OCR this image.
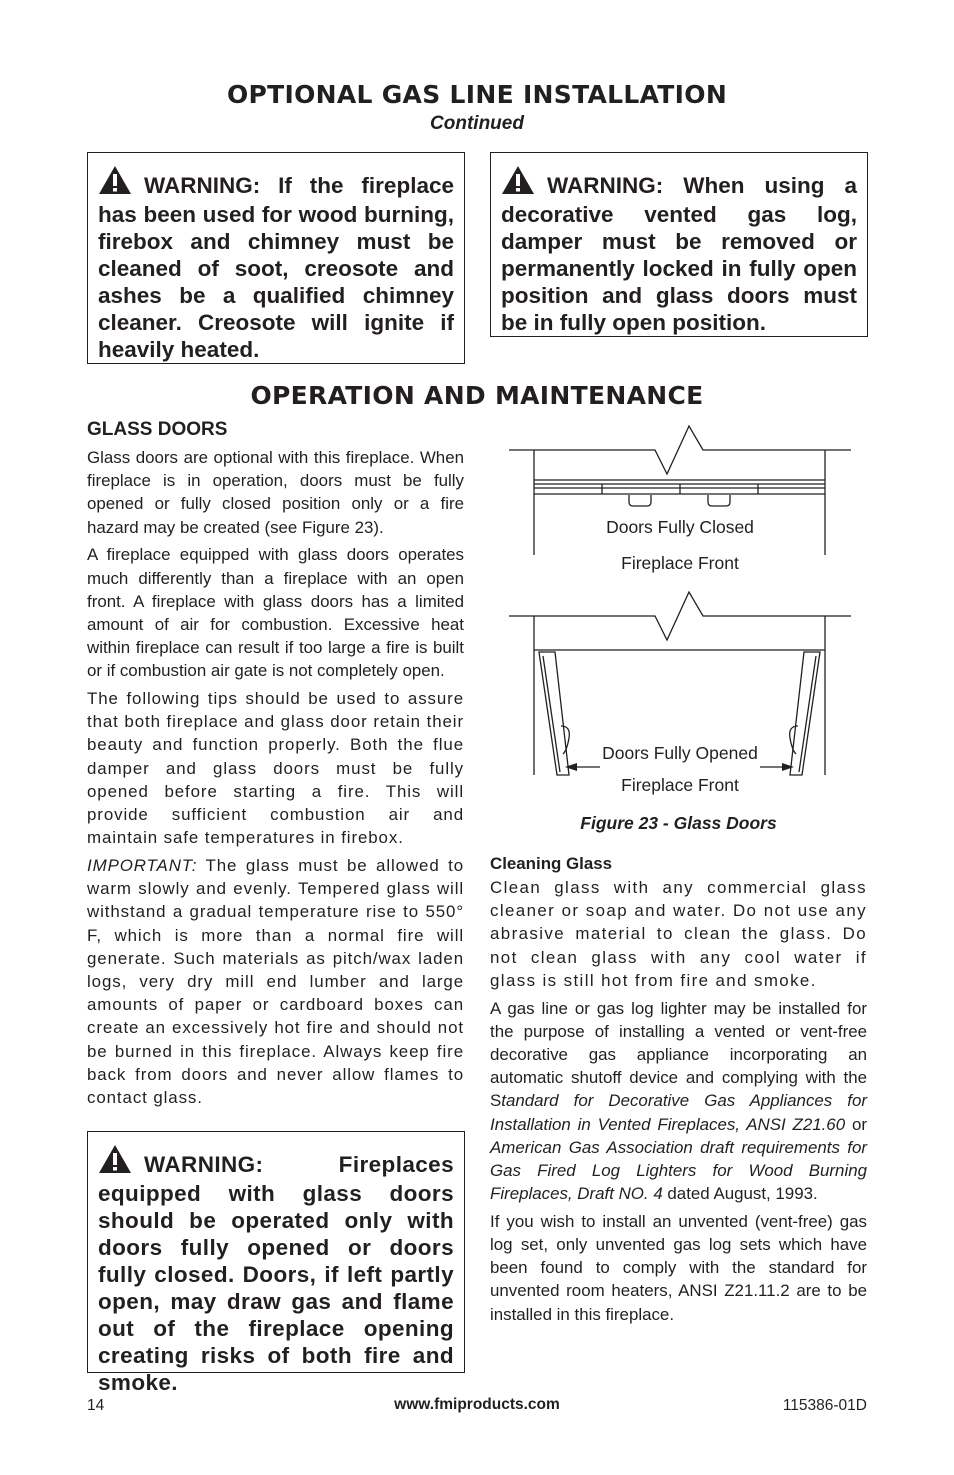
OPTIONAL GAS LINE INSTALLATION
Continued
WARNING: If the fireplace has been used for wood burning, firebox and chimney must be cleaned of soot, creosote and ashes be a qualified chimney cleaner. Creosote will ignite if heavily heated.
WARNING: When using a decorative vented gas log, damper must be removed or permanently locked in fully open position and glass doors must be in fully open position.
OPERATION AND MAINTENANCE
GLASS DOORS

Glass doors are optional with this fireplace. When fireplace is in operation, doors must be fully opened or fully closed position only or a fire hazard may be created (see Figure 23).

A fireplace equipped with glass doors operates much differently than a fireplace with an open front. A fireplace with glass doors has a limited amount of air for combustion. Excessive heat within fireplace can result if too large a fire is built or if combustion air gate is not completely open.

The following tips should be used to assure that both fireplace and glass door retain their beauty and function properly. Both the flue damper and glass doors must be fully opened before starting a fire. This will provide sufficient combustion air and maintain safe temperatures in firebox.

IMPORTANT: The glass must be allowed to warm slowly and evenly. Tempered glass will withstand a gradual temperature rise to 550° F, which is more than a normal fire will generate. Such materials as pitch/wax laden logs, very dry mill end lumber and large amounts of paper or cardboard boxes can create an excessively hot fire and should not be burned in this fireplace. Always keep fire back from doors and never allow flames to contact glass.

WARNING: Fireplaces equipped with glass doors should be operated only with doors fully opened or doors fully closed. Doors, if left partly open, may draw gas and flame out of the fireplace opening creating risks of both fire and smoke.
Doors Fully Closed
Fireplace Front
Doors Fully Opened
Fireplace Front
Figure 23 - Glass Doors
Cleaning Glass

Clean glass with any commercial glass cleaner or soap and water. Do not use any abrasive material to clean the glass. Do not clean glass with any cool water if glass is still hot from fire and smoke.

A gas line or gas log lighter may be installed for the purpose of installing a vented or vent-free decorative gas appliance incorporating an automatic shutoff device and complying with the Standard for Decorative Gas Appliances for Installation in Vented Fireplaces, ANSI Z21.60 or American Gas Association draft requirements for Gas Fired Log Lighters for Wood Burning Fireplaces, Draft NO. 4 dated August, 1993.

If you wish to install an unvented (vent-free) gas log set, only unvented gas log sets which have been found to comply with the standard for unvented room heaters, ANSI Z21.11.2 are to be installed in this fireplace.

14	www.fmiproducts.com	115386-01D
